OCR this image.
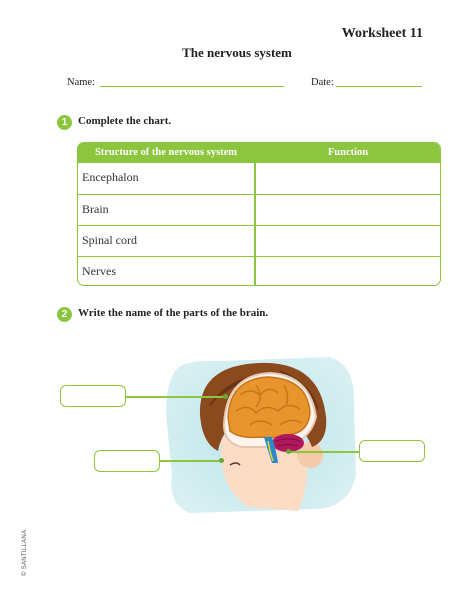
Worksheet 11
The nervous system
Name:	Date:
1 Complete the chart.
Structure of the nervous system	Function
Encephalon
Brain
Spinal cord
Nerves
2 Write the name of the parts of the brain.
© SANTILLANA
